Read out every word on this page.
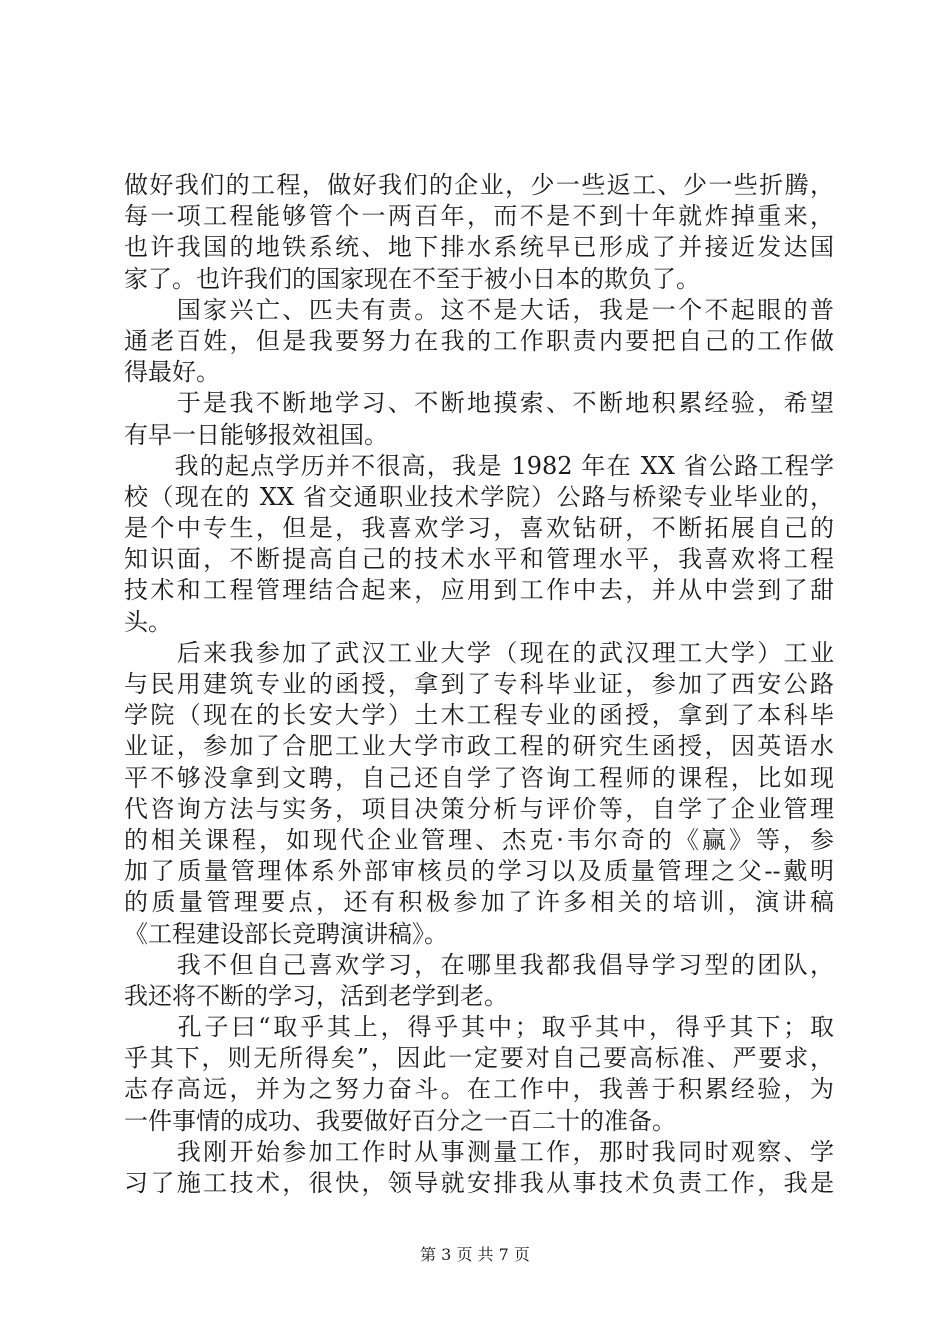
做好我们的工程，做好我们的企业，少一些返工、少一些折腾，
每一项工程能够管个一两百年，而不是不到十年就炸掉重来，
也许我国的地铁系统、地下排水系统早已形成了并接近发达国
家了。也许我们的国家现在不至于被小日本的欺负了。
　　国家兴亡、匹夫有责。这不是大话，我是一个不起眼的普
通老百姓，但是我要努力在我的工作职责内要把自己的工作做
得最好。
　　于是我不断地学习、不断地摸索、不断地积累经验，希望
有早一日能够报效祖国。
　　我的起点学历并不很高，我是 1982 年在 XX 省公路工程学
校（现在的 XX 省交通职业技术学院）公路与桥梁专业毕业的，
是个中专生，但是，我喜欢学习，喜欢钻研，不断拓展自己的
知识面，不断提高自己的技术水平和管理水平，我喜欢将工程
技术和工程管理结合起来，应用到工作中去，并从中尝到了甜
头。
　　后来我参加了武汉工业大学（现在的武汉理工大学）工业
与民用建筑专业的函授，拿到了专科毕业证，参加了西安公路
学院（现在的长安大学）土木工程专业的函授，拿到了本科毕
业证，参加了合肥工业大学市政工程的研究生函授，因英语水
平不够没拿到文聘，自己还自学了咨询工程师的课程，比如现
代咨询方法与实务，项目决策分析与评价等，自学了企业管理
的相关课程，如现代企业管理、杰克·韦尔奇的《赢》等，参
加了质量管理体系外部审核员的学习以及质量管理之父--戴明
的质量管理要点，还有积极参加了许多相关的培训，演讲稿
《工程建设部长竞聘演讲稿》。
　　我不但自己喜欢学习，在哪里我都我倡导学习型的团队，
我还将不断的学习，活到老学到老。
　　孔子曰“取乎其上，得乎其中；取乎其中，得乎其下；取
乎其下，则无所得矣”，因此一定要对自己要高标准、严要求，
志存高远，并为之努力奋斗。在工作中，我善于积累经验，为
一件事情的成功、我要做好百分之一百二十的准备。
　　我刚开始参加工作时从事测量工作，那时我同时观察、学
习了施工技术，很快，领导就安排我从事技术负责工作，我是
第 3 页 共 7 页
